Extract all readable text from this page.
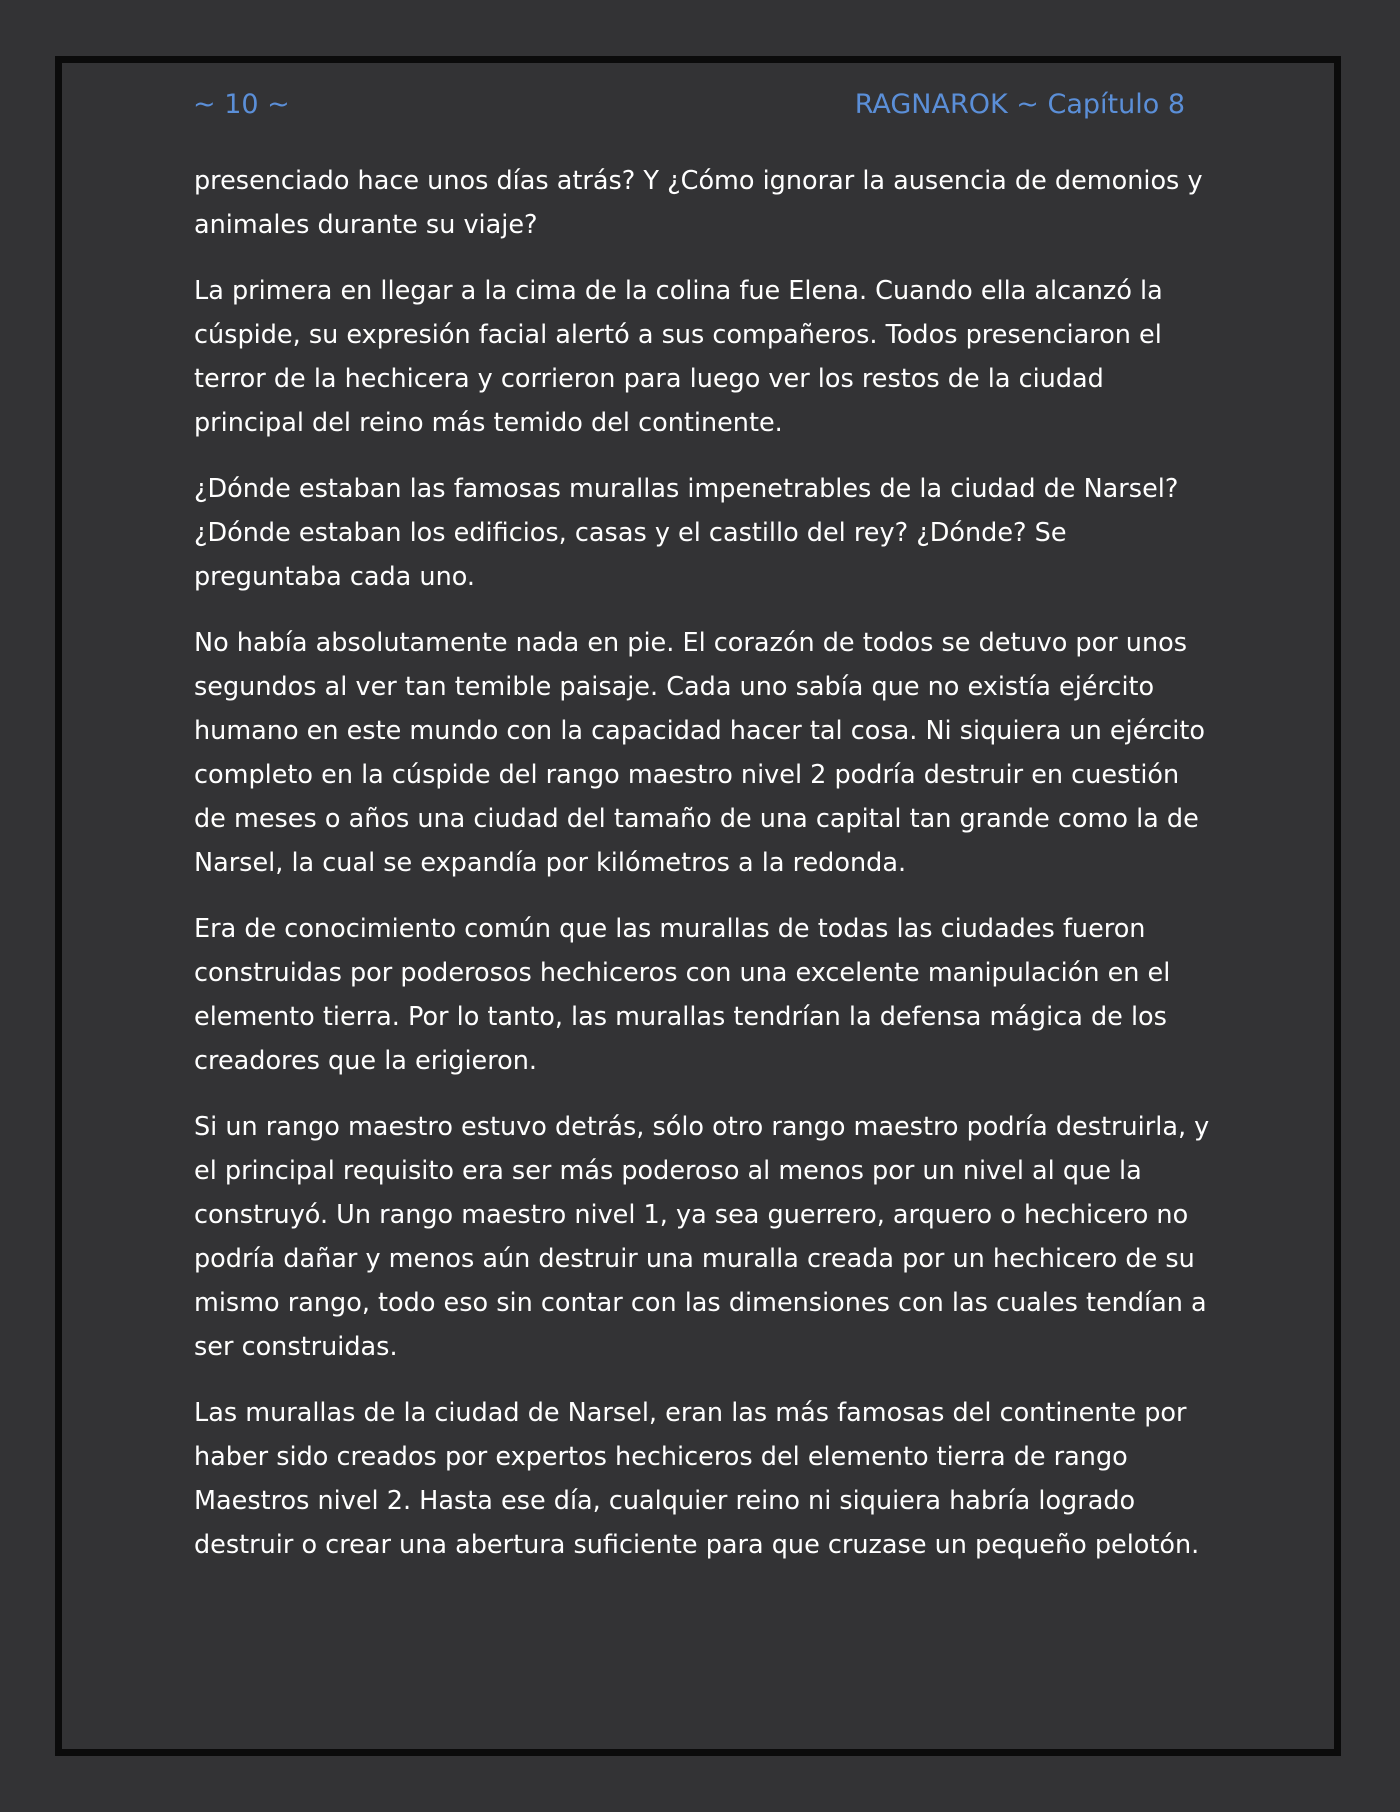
~ 10 ~	RAGNAROK ~ Capítulo 8

presenciado hace unos días atrás? Y ¿Cómo ignorar la ausencia de demonios y animales durante su viaje?

La primera en llegar a la cima de la colina fue Elena. Cuando ella alcanzó la cúspide, su expresión facial alertó a sus compañeros. Todos presenciaron el terror de la hechicera y corrieron para luego ver los restos de la ciudad principal del reino más temido del continente.

¿Dónde estaban las famosas murallas impenetrables de la ciudad de Narsel? ¿Dónde estaban los edificios, casas y el castillo del rey? ¿Dónde? Se preguntaba cada uno.

No había absolutamente nada en pie. El corazón de todos se detuvo por unos segundos al ver tan temible paisaje. Cada uno sabía que no existía ejército humano en este mundo con la capacidad hacer tal cosa. Ni siquiera un ejército completo en la cúspide del rango maestro nivel 2 podría destruir en cuestión de meses o años una ciudad del tamaño de una capital tan grande como la de Narsel, la cual se expandía por kilómetros a la redonda.

Era de conocimiento común que las murallas de todas las ciudades fueron construidas por poderosos hechiceros con una excelente manipulación en el elemento tierra. Por lo tanto, las murallas tendrían la defensa mágica de los creadores que la erigieron.

Si un rango maestro estuvo detrás, sólo otro rango maestro podría destruirla, y el principal requisito era ser más poderoso al menos por un nivel al que la construyó. Un rango maestro nivel 1, ya sea guerrero, arquero o hechicero no podría dañar y menos aún destruir una muralla creada por un hechicero de su mismo rango, todo eso sin contar con las dimensiones con las cuales tendían a ser construidas.

Las murallas de la ciudad de Narsel, eran las más famosas del continente por haber sido creados por expertos hechiceros del elemento tierra de rango Maestros nivel 2. Hasta ese día, cualquier reino ni siquiera habría logrado destruir o crear una abertura suficiente para que cruzase un pequeño pelotón.
